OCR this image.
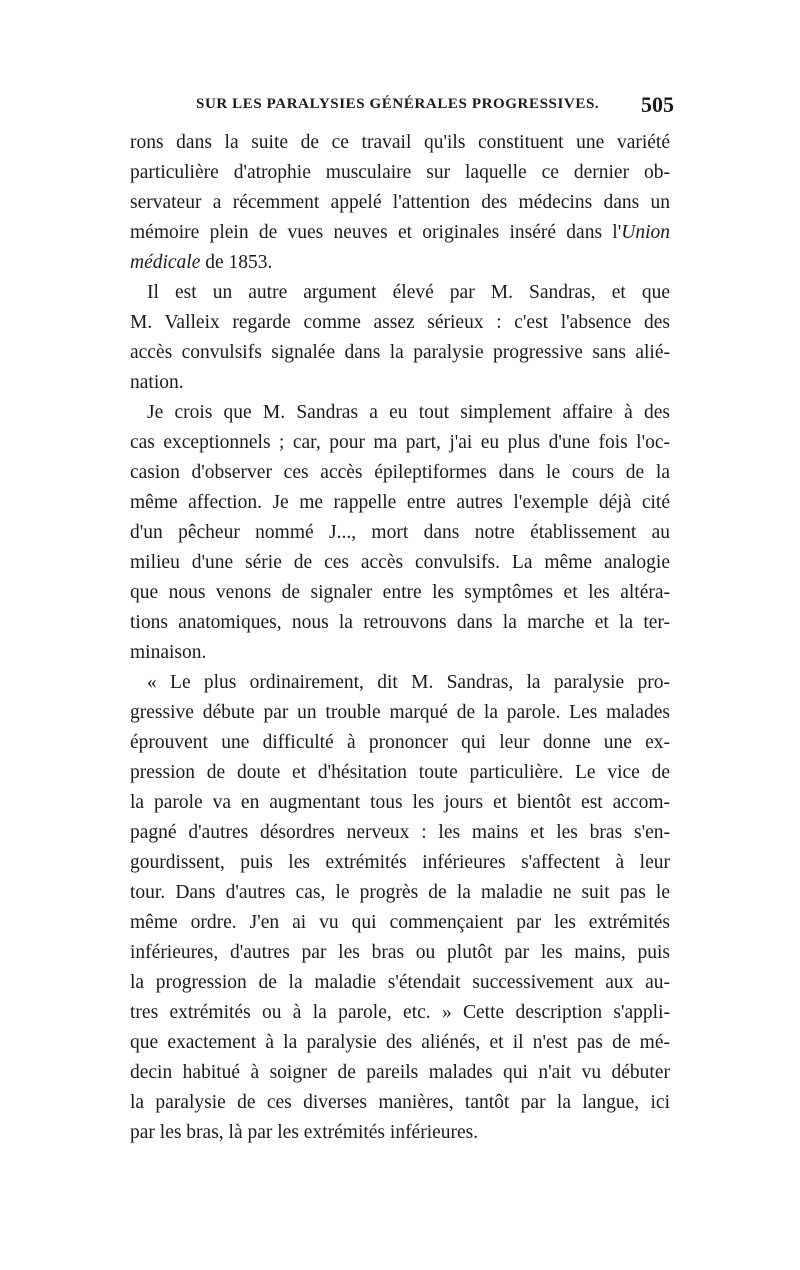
SUR LES PARALYSIES GÉNÉRALES PROGRESSIVES. 505
rons dans la suite de ce travail qu'ils constituent une variété
particulière d'atrophie musculaire sur laquelle ce dernier ob-
servateur a récemment appelé l'attention des médecins dans un
mémoire plein de vues neuves et originales inséré dans l'Union
médicale de 1853.
Il est un autre argument élevé par M. Sandras, et que
M. Valleix regarde comme assez sérieux : c'est l'absence des
accès convulsifs signalée dans la paralysie progressive sans alié-
nation.
Je crois que M. Sandras a eu tout simplement affaire à des
cas exceptionnels ; car, pour ma part, j'ai eu plus d'une fois l'oc-
casion d'observer ces accès épileptiformes dans le cours de la
même affection. Je me rappelle entre autres l'exemple déjà cité
d'un pêcheur nommé J..., mort dans notre établissement au
milieu d'une série de ces accès convulsifs. La même analogie
que nous venons de signaler entre les symptômes et les altéra-
tions anatomiques, nous la retrouvons dans la marche et la ter-
minaison.
« Le plus ordinairement, dit M. Sandras, la paralysie pro-
gressive débute par un trouble marqué de la parole. Les malades
éprouvent une difficulté à prononcer qui leur donne une ex-
pression de doute et d'hésitation toute particulière. Le vice de
la parole va en augmentant tous les jours et bientôt est accom-
pagné d'autres désordres nerveux : les mains et les bras s'en-
gourdissent, puis les extrémités inférieures s'affectent à leur
tour. Dans d'autres cas, le progrès de la maladie ne suit pas le
même ordre. J'en ai vu qui commençaient par les extrémités
inférieures, d'autres par les bras ou plutôt par les mains, puis
la progression de la maladie s'étendait successivement aux au-
tres extrémités ou à la parole, etc. » Cette description s'appli-
que exactement à la paralysie des aliénés, et il n'est pas de mé-
decin habitué à soigner de pareils malades qui n'ait vu débuter
la paralysie de ces diverses manières, tantôt par la langue, ici
par les bras, là par les extrémités inférieures.
